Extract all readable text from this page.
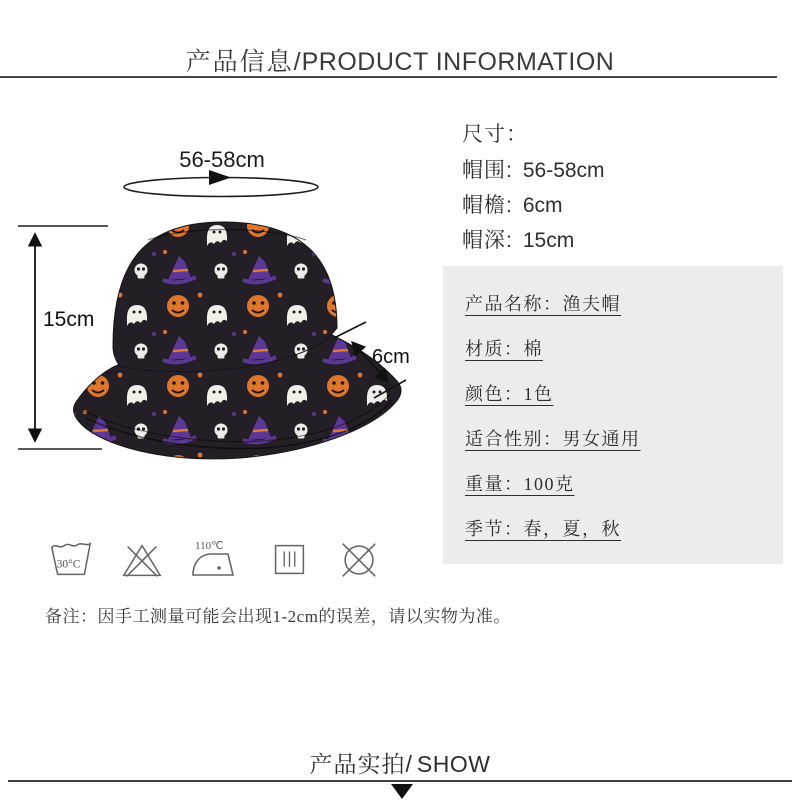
产品信息/PRODUCT INFORMATION
56-58cm
15cm
6cm
尺寸：
帽围: 56-58cm
帽檐: 6cm
帽深: 15cm
产品名称：渔夫帽
材质：棉
颜色：1色
适合性别：男女通用
重量：100克
季节：春，夏，秋
30°C
110℃
备注：因手工测量可能会出现1-2cm的误差，请以实物为准。
产品实拍/ SHOW
